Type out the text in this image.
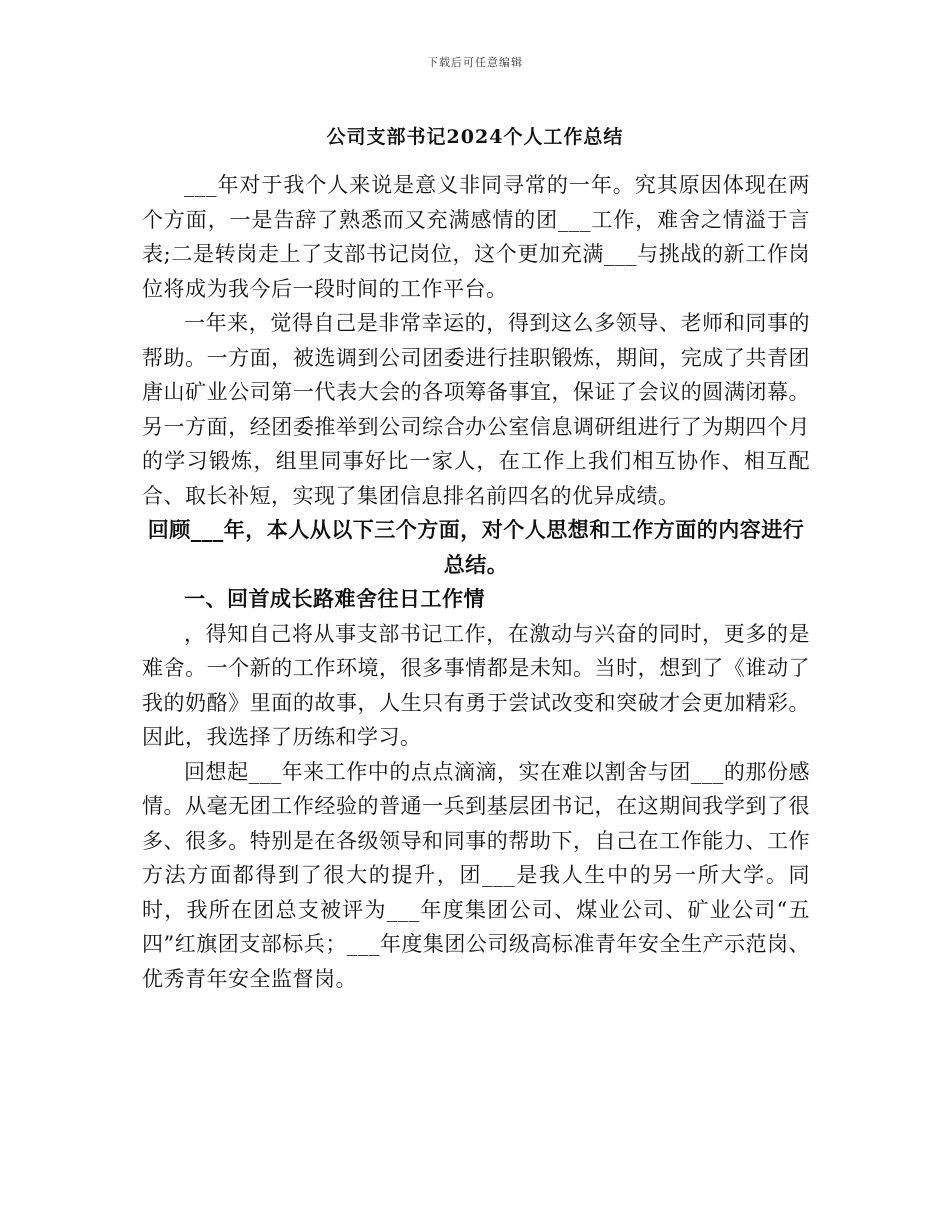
下载后可任意编辑
公司支部书记2024个人工作总结

___年对于我个人来说是意义非同寻常的一年。究其原因体现在两个方面，一是告辞了熟悉而又充满感情的团___工作，难舍之情溢于言表;二是转岗走上了支部书记岗位，这个更加充满___与挑战的新工作岗位将成为我今后一段时间的工作平台。

一年来，觉得自己是非常幸运的，得到这么多领导、老师和同事的帮助。一方面，被选调到公司团委进行挂职锻炼，期间，完成了共青团唐山矿业公司第一代表大会的各项筹备事宜，保证了会议的圆满闭幕。另一方面，经团委推举到公司综合办公室信息调研组进行了为期四个月的学习锻炼，组里同事好比一家人，在工作上我们相互协作、相互配合、取长补短，实现了集团信息排名前四名的优异成绩。

回顾___年，本人从以下三个方面，对个人思想和工作方面的内容进行总结。

一、回首成长路难舍往日工作情

，得知自己将从事支部书记工作，在激动与兴奋的同时，更多的是难舍。一个新的工作环境，很多事情都是未知。当时，想到了《谁动了我的奶酪》里面的故事，人生只有勇于尝试改变和突破才会更加精彩。因此，我选择了历练和学习。

回想起___年来工作中的点点滴滴，实在难以割舍与团___的那份感情。从毫无团工作经验的普通一兵到基层团书记，在这期间我学到了很多、很多。特别是在各级领导和同事的帮助下，自己在工作能力、工作方法方面都得到了很大的提升，团___是我人生中的另一所大学。同时，我所在团总支被评为___年度集团公司、煤业公司、矿业公司“五四”红旗团支部标兵；___年度集团公司级高标准青年安全生产示范岗、优秀青年安全监督岗。
